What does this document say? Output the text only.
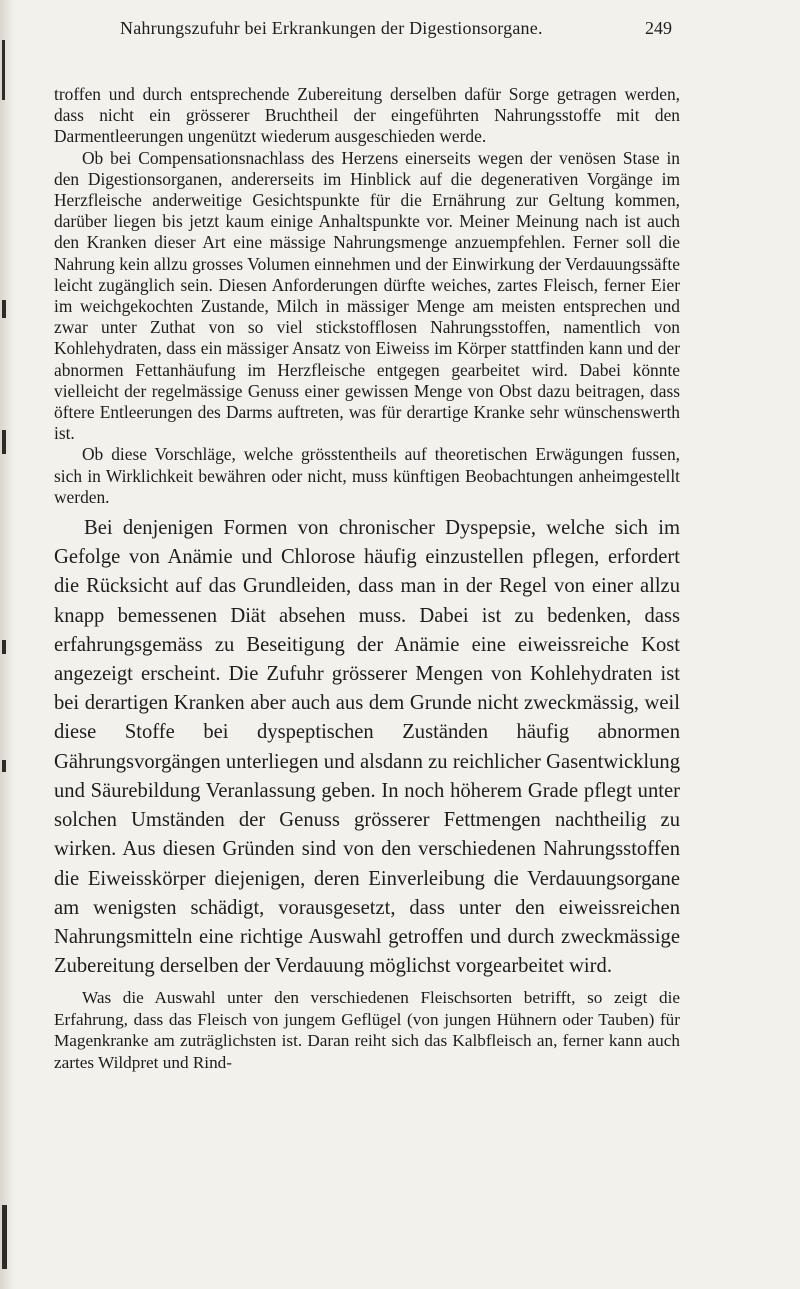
Nahrungszufuhr bei Erkrankungen der Digestionsorgane.	249

troffen und durch entsprechende Zubereitung derselben dafür Sorge getragen werden, dass nicht ein grösserer Bruchtheil der eingeführten Nahrungsstoffe mit den Darmentleerungen ungenützt wiederum ausgeschieden werde.

Ob bei Compensationsnachlass des Herzens einerseits wegen der venösen Stase in den Digestionsorganen, andererseits im Hinblick auf die degenerativen Vorgänge im Herzfleische anderweitige Gesichtspunkte für die Ernährung zur Geltung kommen, darüber liegen bis jetzt kaum einige Anhaltspunkte vor. Meiner Meinung nach ist auch den Kranken dieser Art eine mässige Nahrungsmenge anzuempfehlen. Ferner soll die Nahrung kein allzu grosses Volumen einnehmen und der Einwirkung der Verdauungssäfte leicht zugänglich sein. Diesen Anforderungen dürfte weiches, zartes Fleisch, ferner Eier im weichgekochten Zustande, Milch in mässiger Menge am meisten entsprechen und zwar unter Zuthat von so viel stickstofflosen Nahrungsstoffen, namentlich von Kohlehydraten, dass ein mässiger Ansatz von Eiweiss im Körper stattfinden kann und der abnormen Fettanhäufung im Herzfleische entgegen gearbeitet wird. Dabei könnte vielleicht der regelmässige Genuss einer gewissen Menge von Obst dazu beitragen, dass öftere Entleerungen des Darms auftreten, was für derartige Kranke sehr wünschenswerth ist.

Ob diese Vorschläge, welche grösstentheils auf theoretischen Erwägungen fussen, sich in Wirklichkeit bewähren oder nicht, muss künftigen Beobachtungen anheimgestellt werden.

Bei denjenigen Formen von chronischer Dyspepsie, welche sich im Gefolge von Anämie und Chlorose häufig einzustellen pflegen, erfordert die Rücksicht auf das Grundleiden, dass man in der Regel von einer allzu knapp bemessenen Diät absehen muss. Dabei ist zu bedenken, dass erfahrungsgemäss zu Beseitigung der Anämie eine eiweissreiche Kost angezeigt erscheint. Die Zufuhr grösserer Mengen von Kohlehydraten ist bei derartigen Kranken aber auch aus dem Grunde nicht zweckmässig, weil diese Stoffe bei dyspeptischen Zuständen häufig abnormen Gährungsvorgängen unterliegen und alsdann zu reichlicher Gasentwicklung und Säurebildung Veranlassung geben. In noch höherem Grade pflegt unter solchen Umständen der Genuss grösserer Fettmengen nachtheilig zu wirken. Aus diesen Gründen sind von den verschiedenen Nahrungsstoffen die Eiweisskörper diejenigen, deren Einverleibung die Verdauungsorgane am wenigsten schädigt, vorausgesetzt, dass unter den eiweissreichen Nahrungsmitteln eine richtige Auswahl getroffen und durch zweckmässige Zubereitung derselben der Verdauung möglichst vorgearbeitet wird.

Was die Auswahl unter den verschiedenen Fleischsorten betrifft, so zeigt die Erfahrung, dass das Fleisch von jungem Geflügel (von jungen Hühnern oder Tauben) für Magenkranke am zuträglichsten ist. Daran reiht sich das Kalbfleisch an, ferner kann auch zartes Wildpret und Rind-
